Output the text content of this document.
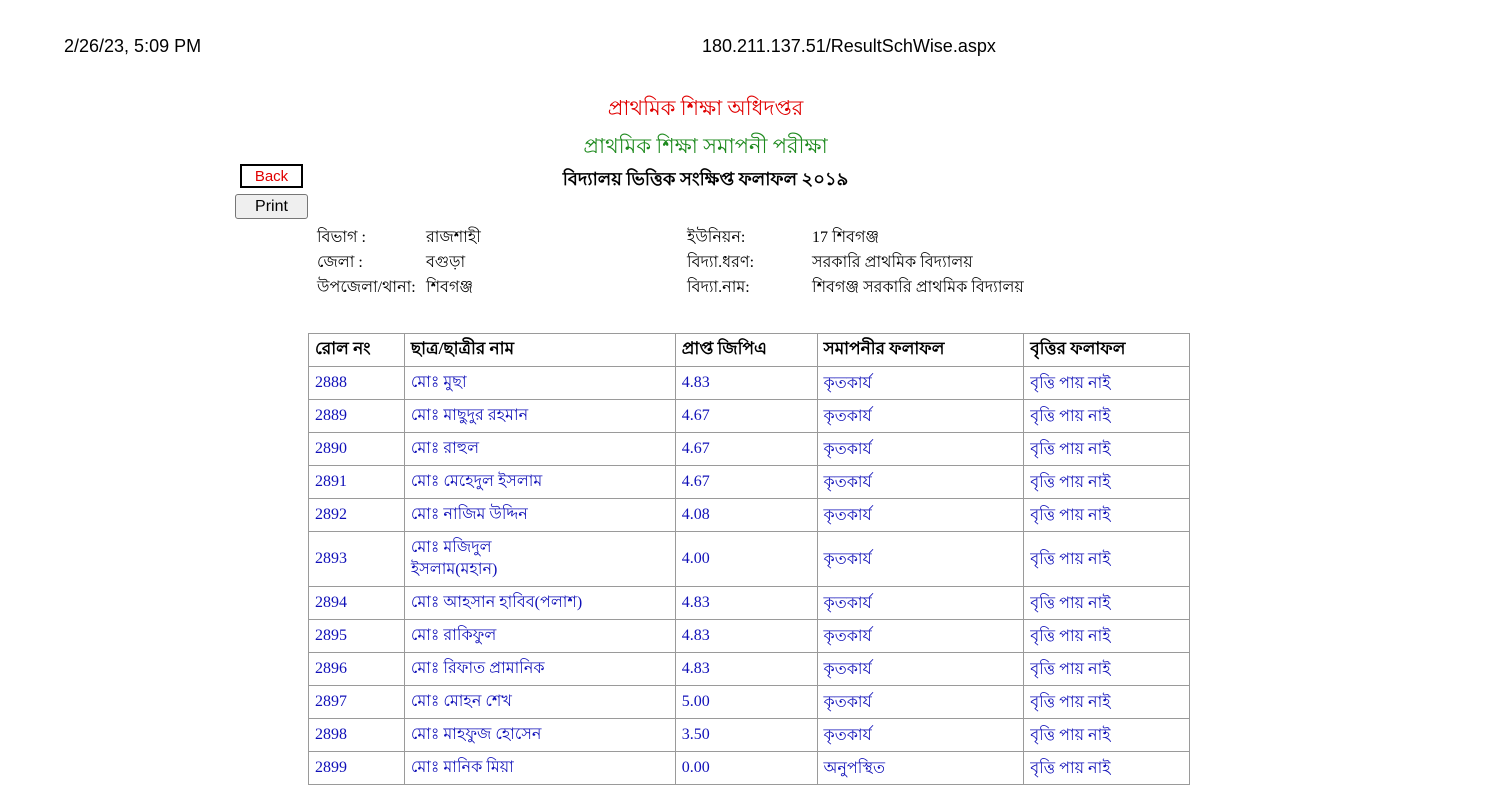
2/26/23, 5:09 PM	180.211.137.51/ResultSchWise.aspx
প্রাথমিক শিক্ষা অধিদপ্তর
প্রাথমিক শিক্ষা সমাপনী পরীক্ষা
বিদ্যালয় ভিত্তিক সংক্ষিপ্ত ফলাফল ২০১৯
Back
Print
বিভাগ :	রাজশাহী
জেলা :	বগুড়া
উপজেলা/থানা: শিবগঞ্জ
ইউনিয়ন:	17 শিবগঞ্জ
বিদ্যা.ধরণ:	সরকারি প্রাথমিক বিদ্যালয়
বিদ্যা.নাম:	শিবগঞ্জ সরকারি প্রাথমিক বিদ্যালয়
রোল নং	ছাত্র/ছাত্রীর নাম	প্রাপ্ত জিপিএ	সমাপনীর ফলাফল	বৃত্তির ফলাফল
2888	মোঃ মুছা	4.83	কৃতকার্য	বৃত্তি পায় নাই
2889	মোঃ মাছুদুর রহমান	4.67	কৃতকার্য	বৃত্তি পায় নাই
2890	মোঃ রাহুল	4.67	কৃতকার্য	বৃত্তি পায় নাই
2891	মোঃ মেহেদুল ইসলাম	4.67	কৃতকার্য	বৃত্তি পায় নাই
2892	মোঃ নাজিম উদ্দিন	4.08	কৃতকার্য	বৃত্তি পায় নাই
2893	মোঃ মজিদুল ইসলাম(মহান)	4.00	কৃতকার্য	বৃত্তি পায় নাই
2894	মোঃ আহসান হাবিব(পলাশ)	4.83	কৃতকার্য	বৃত্তি পায় নাই
2895	মোঃ রাকিফুল	4.83	কৃতকার্য	বৃত্তি পায় নাই
2896	মোঃ রিফাত প্রামানিক	4.83	কৃতকার্য	বৃত্তি পায় নাই
2897	মোঃ মোহন শেখ	5.00	কৃতকার্য	বৃত্তি পায় নাই
2898	মোঃ মাহফুজ হোসেন	3.50	কৃতকার্য	বৃত্তি পায় নাই
2899	মোঃ মানিক মিয়া	0.00	অনুপস্থিত	বৃত্তি পায় নাই
